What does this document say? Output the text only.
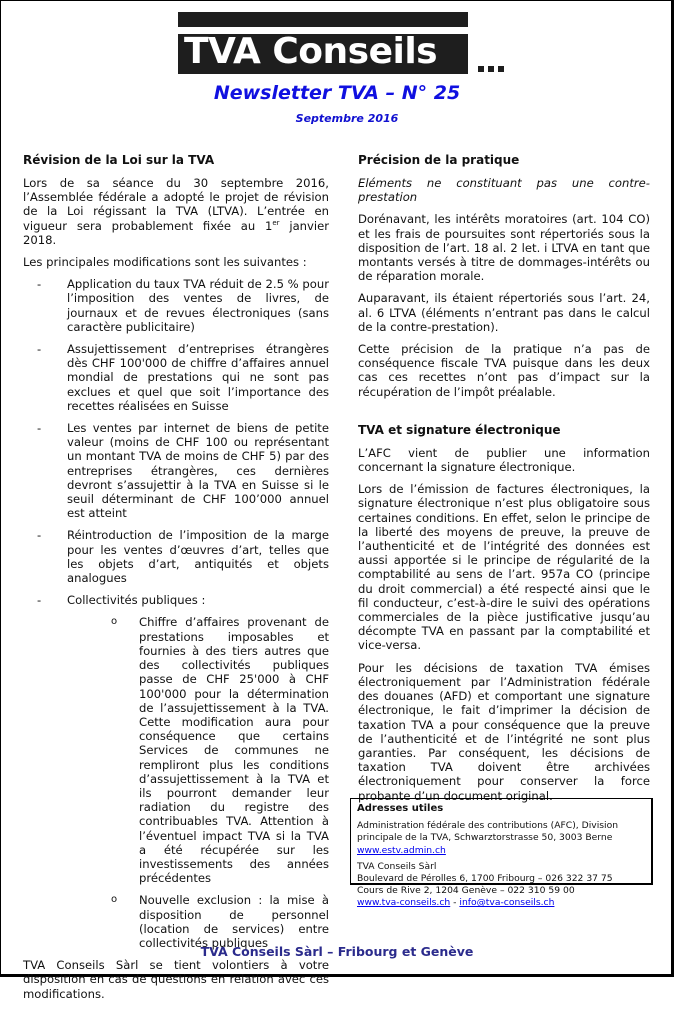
TVA Conseils
Newsletter TVA – N° 25
Septembre 2016
Révision de la Loi sur la TVA

Lors de sa séance du 30 septembre 2016, l’Assemblée fédérale a adopté le projet de révision de la Loi régissant la TVA (LTVA). L’entrée en vigueur sera probablement fixée au 1er janvier 2018.

Les principales modifications sont les suivantes :

- Application du taux TVA réduit de 2.5 % pour l’imposition des ventes de livres, de journaux et de revues électroniques (sans caractère publicitaire)
- Assujettissement d’entreprises étrangères dès CHF 100'000 de chiffre d’affaires annuel mondial de prestations qui ne sont pas exclues et quel que soit l’importance des recettes réalisées en Suisse
- Les ventes par internet de biens de petite valeur (moins de CHF 100 ou représentant un montant TVA de moins de CHF 5) par des entreprises étrangères, ces dernières devront s’assujettir à la TVA en Suisse si le seuil déterminant de CHF 100’000 annuel est atteint
- Réintroduction de l’imposition de la marge pour les ventes d’œuvres d’art, telles que les objets d’art, antiquités et objets analogues
- Collectivités publiques :
o Chiffre d’affaires provenant de prestations imposables et fournies à des tiers autres que des collectivités publiques passe de CHF 25'000 à CHF 100'000 pour la détermination de l’assujettissement à la TVA. Cette modification aura pour conséquence que certains Services de communes ne rempliront plus les conditions d’assujettissement à la TVA et ils pourront demander leur radiation du registre des contribuables TVA. Attention à l’éventuel impact TVA si la TVA a été récupérée sur les investissements des années précédentes
o Nouvelle exclusion : la mise à disposition de personnel (location de services) entre collectivités publiques

TVA Conseils Sàrl se tient volontiers à votre disposition en cas de questions en relation avec ces modifications.

Précision de la pratique

Eléments ne constituant pas une contre-prestation

Dorénavant, les intérêts moratoires (art. 104 CO) et les frais de poursuites sont répertoriés sous la disposition de l’art. 18 al. 2 let. i LTVA en tant que montants versés à titre de dommages-intérêts ou de réparation morale.

Auparavant, ils étaient répertoriés sous l’art. 24, al. 6 LTVA (éléments n’entrant pas dans le calcul de la contre-prestation).

Cette précision de la pratique n’a pas de conséquence fiscale TVA puisque dans les deux cas ces recettes n’ont pas d’impact sur la récupération de l’impôt préalable.

TVA et signature électronique

L’AFC vient de publier une information concernant la signature électronique.

Lors de l’émission de factures électroniques, la signature électronique n’est plus obligatoire sous certaines conditions. En effet, selon le principe de la liberté des moyens de preuve, la preuve de l’authenticité et de l’intégrité des données est aussi apportée si le principe de régularité de la comptabilité au sens de l’art. 957a CO (principe du droit commercial) a été respecté ainsi que le fil conducteur, c’est-à-dire le suivi des opérations commerciales de la pièce justificative jusqu’au décompte TVA en passant par la comptabilité et vice-versa.

Pour les décisions de taxation TVA émises électroniquement par l’Administration fédérale des douanes (AFD) et comportant une signature électronique, le fait d’imprimer la décision de taxation TVA a pour conséquence que la preuve de l’authenticité et de l’intégrité ne sont plus garanties. Par conséquent, les décisions de taxation TVA doivent être archivées électroniquement pour conserver la force probante d’un document original.

Adresses utiles

Administration fédérale des contributions (AFC), Division principale de la TVA, Schwarztorstrasse 50, 3003 Berne
www.estv.admin.ch

TVA Conseils Sàrl
Boulevard de Pérolles 6, 1700 Fribourg – 026 322 37 75
Cours de Rive 2, 1204 Genève – 022 310 59 00
www.tva-conseils.ch - info@tva-conseils.ch

TVA Conseils Sàrl – Fribourg et Genève
